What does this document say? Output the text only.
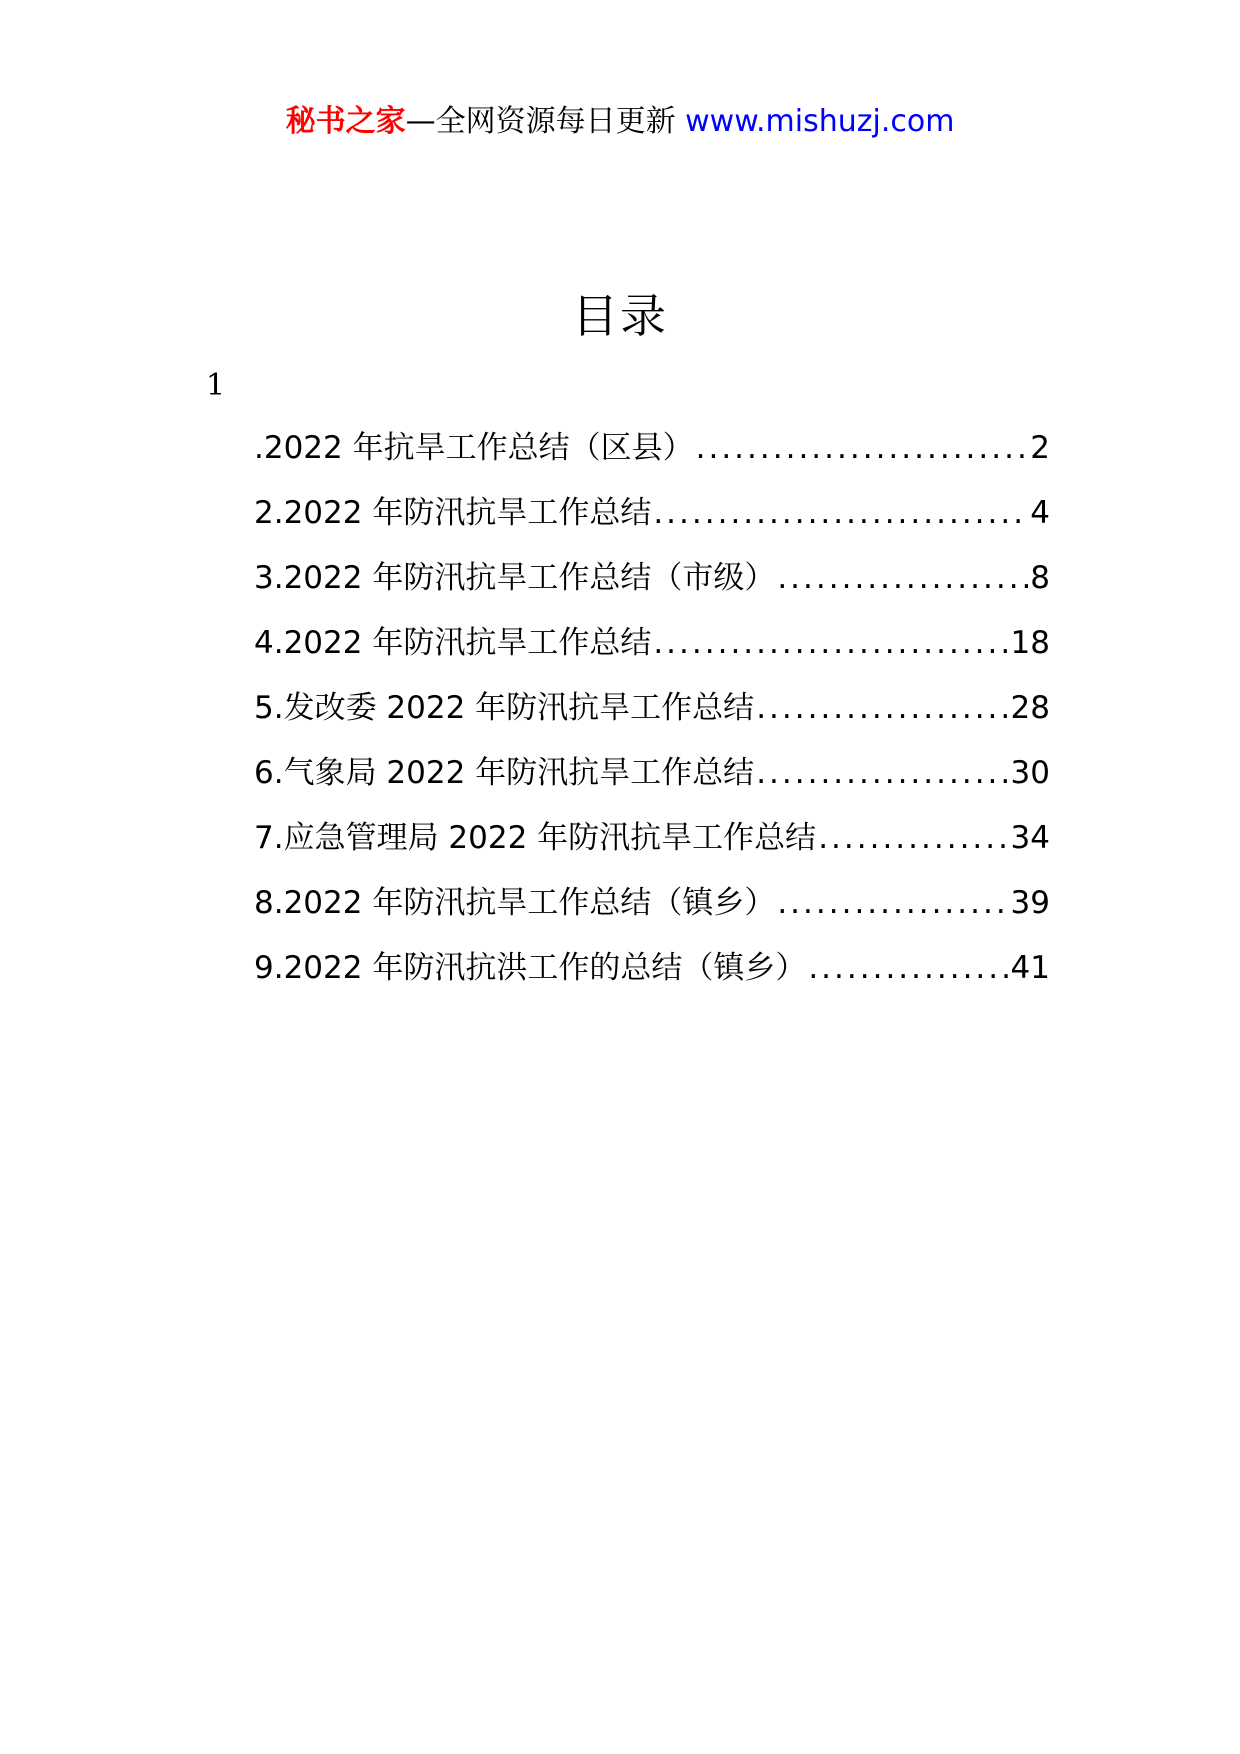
秘书之家—全网资源每日更新 www.mishuzj.com
目录
1
.2022 年抗旱工作总结（区县） .....	2
2.2022 年防汛抗旱工作总结 .....	4
3.2022 年防汛抗旱工作总结（市级） .....	8
4.2022 年防汛抗旱工作总结 .....	18
5.发改委 2022 年防汛抗旱工作总结 .....	28
6.气象局 2022 年防汛抗旱工作总结 .....	30
7.应急管理局 2022 年防汛抗旱工作总结 .....	34
8.2022 年防汛抗旱工作总结（镇乡） .....	39
9.2022 年防汛抗洪工作的总结（镇乡） .....	41
